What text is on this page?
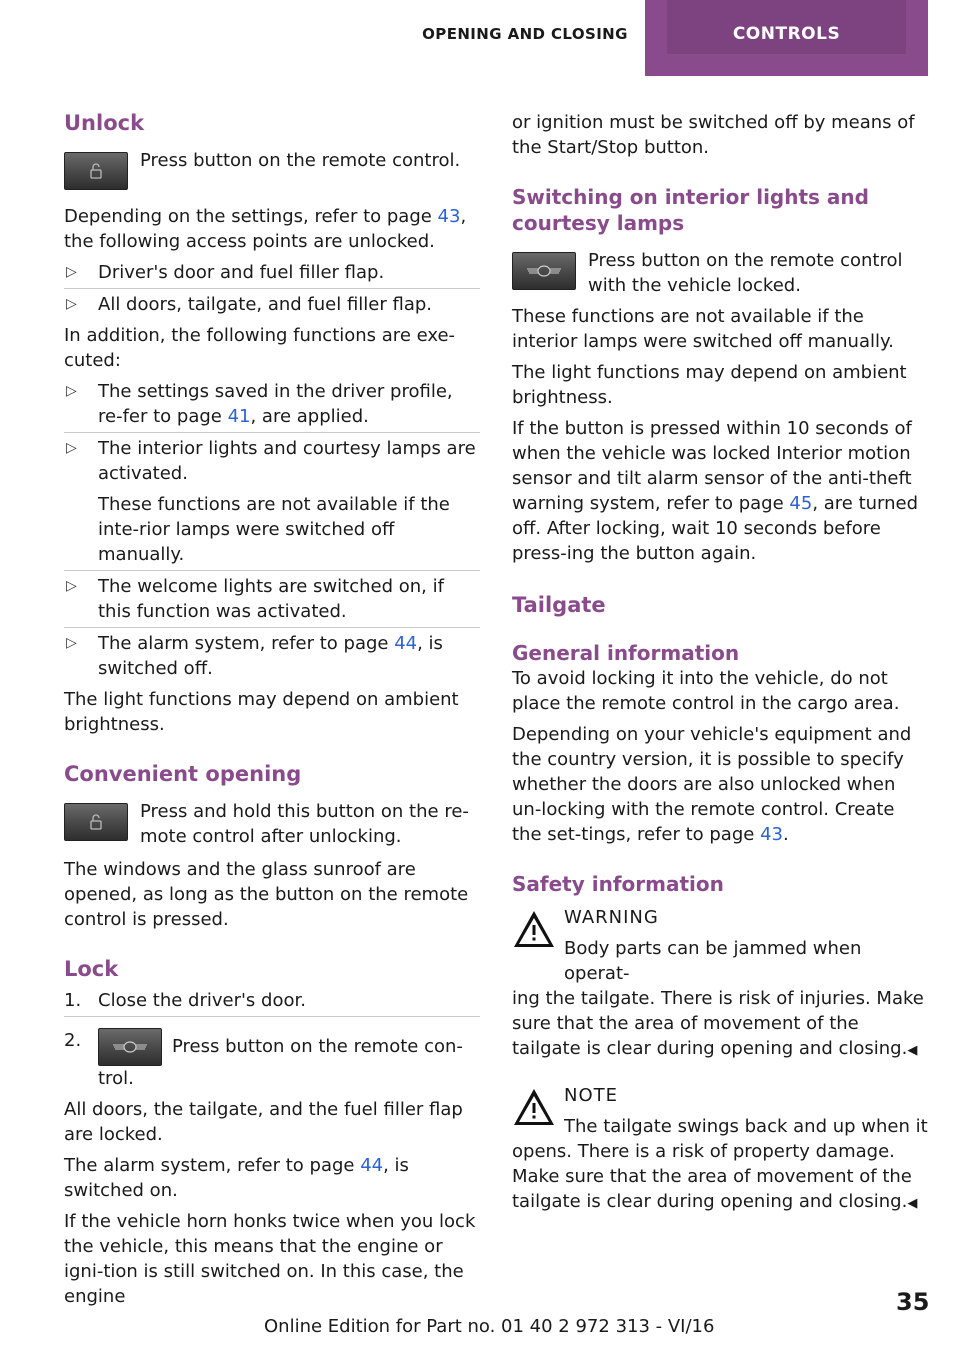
OPENING AND CLOSING	CONTROLS
Unlock

Press button on the remote control.

Depending on the settings, refer to page 43, the following access points are unlocked.

▷ Driver's door and fuel filler flap.
▷ All doors, tailgate, and fuel filler flap.

In addition, the following functions are exe-cuted:

▷ The settings saved in the driver profile, re-fer to page 41, are applied.
▷ The interior lights and courtesy lamps are activated.
These functions are not available if the inte-rior lamps were switched off manually.
▷ The welcome lights are switched on, if this function was activated.
▷ The alarm system, refer to page 44, is switched off.

The light functions may depend on ambient brightness.

Convenient opening

Press and hold this button on the re-mote control after unlocking.

The windows and the glass sunroof are opened, as long as the button on the remote control is pressed.

Lock
1. Close the driver's door.
2.	Press button on the remote con-trol.

All doors, the tailgate, and the fuel filler flap are locked.

The alarm system, refer to page 44, is switched on.

If the vehicle horn honks twice when you lock the vehicle, this means that the engine or igni-tion is still switched on. In this case, the engine

or ignition must be switched off by means of the Start/Stop button.

Switching on interior lights and courtesy lamps

Press button on the remote control with the vehicle locked.

These functions are not available if the interior lamps were switched off manually.

The light functions may depend on ambient brightness.

If the button is pressed within 10 seconds of when the vehicle was locked Interior motion sensor and tilt alarm sensor of the anti-theft warning system, refer to page 45, are turned off. After locking, wait 10 seconds before press-ing the button again.

Tailgate
General information

To avoid locking it into the vehicle, do not place the remote control in the cargo area.

Depending on your vehicle's equipment and the country version, it is possible to specify whether the doors are also unlocked when un-locking with the remote control. Create the set-tings, refer to page 43.

Safety information
WARNING
Body parts can be jammed when operat-

ing the tailgate. There is risk of injuries. Make sure that the area of movement of the tailgate is clear during opening and closing.◀

NOTE
The tailgate swings back and up when it

opens. There is a risk of property damage. Make sure that the area of movement of the tailgate is clear during opening and closing.◀

Online Edition for Part no. 01 40 2 972 313 - VI/16
35
